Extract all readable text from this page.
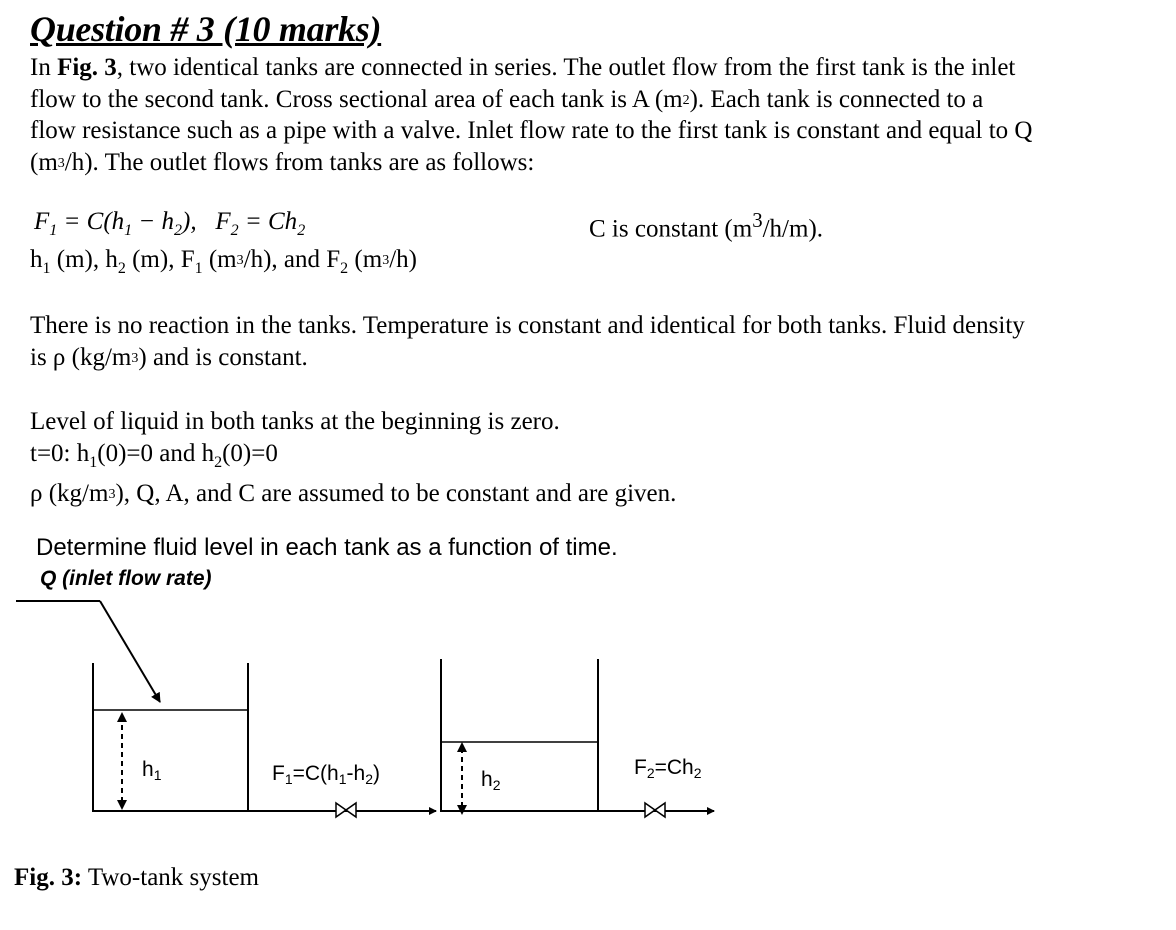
Question # 3 (10 marks)
In Fig. 3, two identical tanks are connected in series. The outlet flow from the first tank is the inlet
flow to the second tank. Cross sectional area of each tank is A $(m^2)$. Each tank is connected to a
flow resistance such as a pipe with a valve. Inlet flow rate to the first tank is constant and equal to Q
$(m^3/h)$. The outlet flows from tanks are as follows:
$F_1 = C(h_1 - h_2)$, $F_2 = Ch_2$	C is constant $(m^3/h/m)$.
$h_1$ (m), $h_2$ (m), $F_1$ $(m^3/h)$, and $F_2$ $(m^3/h)$
There is no reaction in the tanks. Temperature is constant and identical for both tanks. Fluid density
is ρ $(kg/m^3)$ and is constant.
Level of liquid in both tanks at the beginning is zero.
t=0: $h_1(0)=0$ and $h_2(0)=0$
ρ $(kg/m^3)$, Q, A, and C are assumed to be constant and are given.
Determine fluid level in each tank as a function of time.
Q (inlet flow rate)
h1	h2
F1=C(h1-h2)	F2=Ch2
Fig. 3: Two-tank system
